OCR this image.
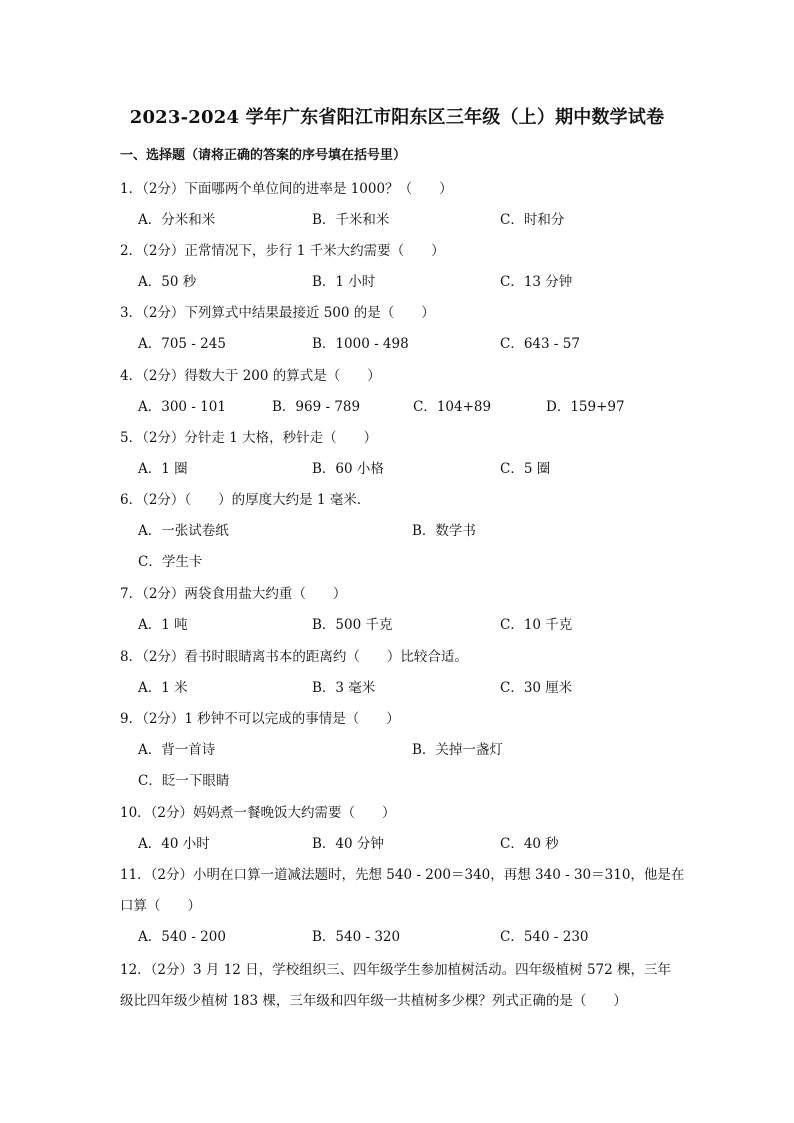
2023-2024 学年广东省阳江市阳东区三年级（上）期中数学试卷
一、选择题（请将正确的答案的序号填在括号里）
1．（2分）下面哪两个单位间的进率是 1000？（　　）
A．分米和米	B．千米和米	C．时和分
2．（2分）正常情况下，步行 1 千米大约需要（　　）
A．50 秒	B．1 小时	C．13 分钟
3．（2分）下列算式中结果最接近 500 的是（　　）
A．705 - 245	B．1000 - 498	C．643 - 57
4．（2分）得数大于 200 的算式是（　　）
A．300 - 101	B．969 - 789	C．104+89	D．159+97
5．（2分）分针走 1 大格，秒针走（　　）
A．1 圈	B．60 小格	C．5 圈
6．（2分）（　　）的厚度大约是 1 毫米．
A．一张试卷纸	B．数学书
C．学生卡
7．（2分）两袋食用盐大约重（　　）
A．1 吨	B．500 千克	C．10 千克
8．（2分）看书时眼睛离书本的距离约（　　）比较合适。
A．1 米	B．3 毫米	C．30 厘米
9．（2分）1 秒钟不可以完成的事情是（　　）
A．背一首诗	B．关掉一盏灯
C．眨一下眼睛
10．（2分）妈妈煮一餐晚饭大约需要（　　）
A．40 小时	B．40 分钟	C．40 秒
11．（2分）小明在口算一道减法题时，先想 540 - 200＝340，再想 340 - 30＝310，他是在
口算（　　）
A．540 - 200	B．540 - 320	C．540 - 230
12．（2分）3 月 12 日，学校组织三、四年级学生参加植树活动。四年级植树 572 棵，三年
级比四年级少植树 183 棵，三年级和四年级一共植树多少棵？列式正确的是（　　）
